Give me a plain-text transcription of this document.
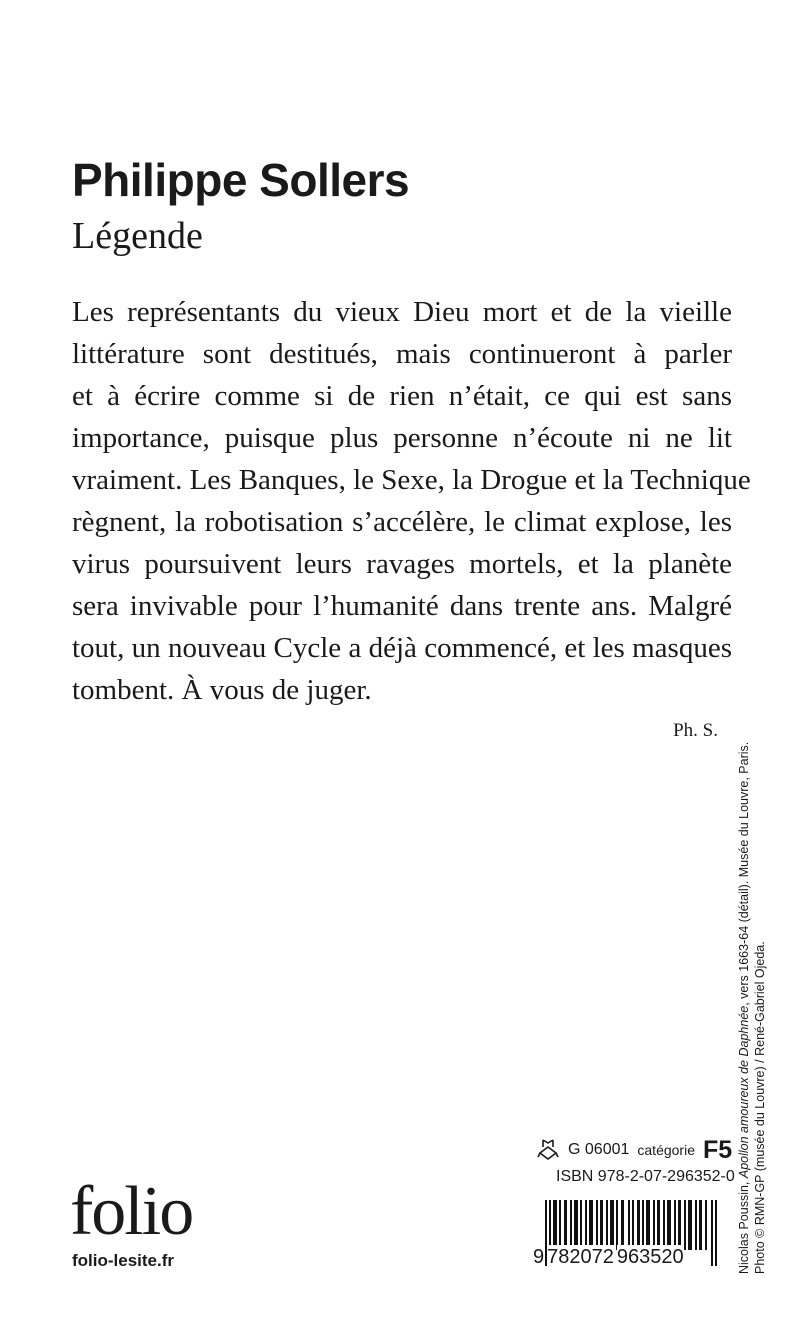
Philippe Sollers
Légende
Les représentants du vieux Dieu mort et de la vieille
littérature sont destitués, mais continueront à parler
et à écrire comme si de rien n’était, ce qui est sans
importance, puisque plus personne n’écoute ni ne lit
vraiment. Les Banques, le Sexe, la Drogue et la Technique
règnent, la robotisation s’accélère, le climat explose, les
virus poursuivent leurs ravages mortels, et la planète
sera invivable pour l’humanité dans trente ans. Malgré
tout, un nouveau Cycle a déjà commencé, et les masques
tombent. À vous de juger.
Ph. S.
Nicolas Poussin, Apollon amoureux de Daphnée, vers 1663-64 (détail). Musée du Louvre, Paris.
Photo © RMN-GP (musée du Louvre) / René-Gabriel Ojeda.
folio
folio-lesite.fr
G 06001 catégorie F5
ISBN 978-2-07-296352-0
9 782072 963520
